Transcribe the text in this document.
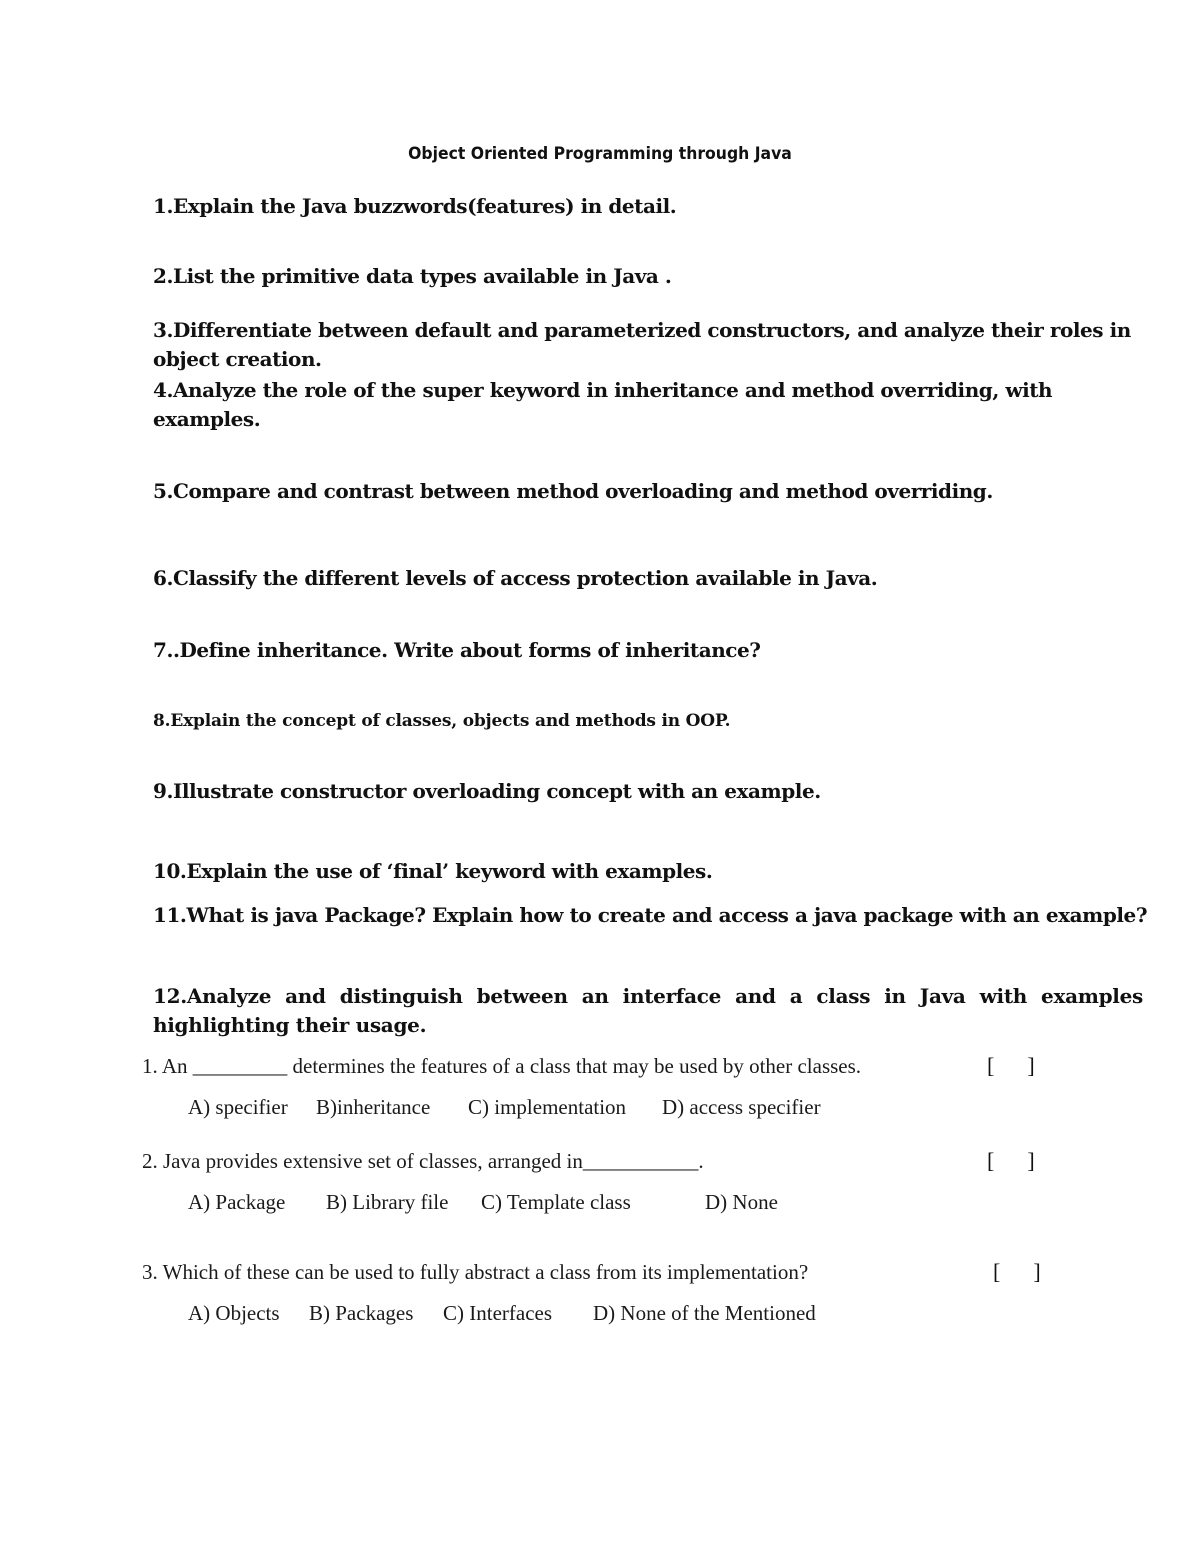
Object Oriented Programming through Java
1.Explain the Java buzzwords(features) in detail.
2.List the primitive data types available in Java .
3.Differentiate between default and parameterized constructors, and analyze their roles in object creation.
4.Analyze the role of the super keyword in inheritance and method overriding, with examples.
5.Compare and contrast between method overloading and method overriding.
6.Classify the different levels of access protection available in Java.
7..Define inheritance. Write about forms of inheritance?
8.Explain the concept of classes, objects and methods in OOP.
9.Illustrate constructor overloading concept with an example.
10.Explain the use of ‘final’ keyword with examples.
11.What is java Package? Explain how to create and access a java package with an example?
12.Analyze and distinguish between an interface and a class in Java with examples highlighting their usage.
1. An _________ determines the features of a class that may be used by other classes.	[      ]
A) specifier B)inheritance C) implementation D) access specifier
2. Java provides extensive set of classes, arranged in___________.	[      ]
A) Package B) Library file C) Template class	D) None
3. Which of these can be used to fully abstract a class from its implementation?	[      ]
A) Objects B) Packages C) Interfaces D) None of the Mentioned
